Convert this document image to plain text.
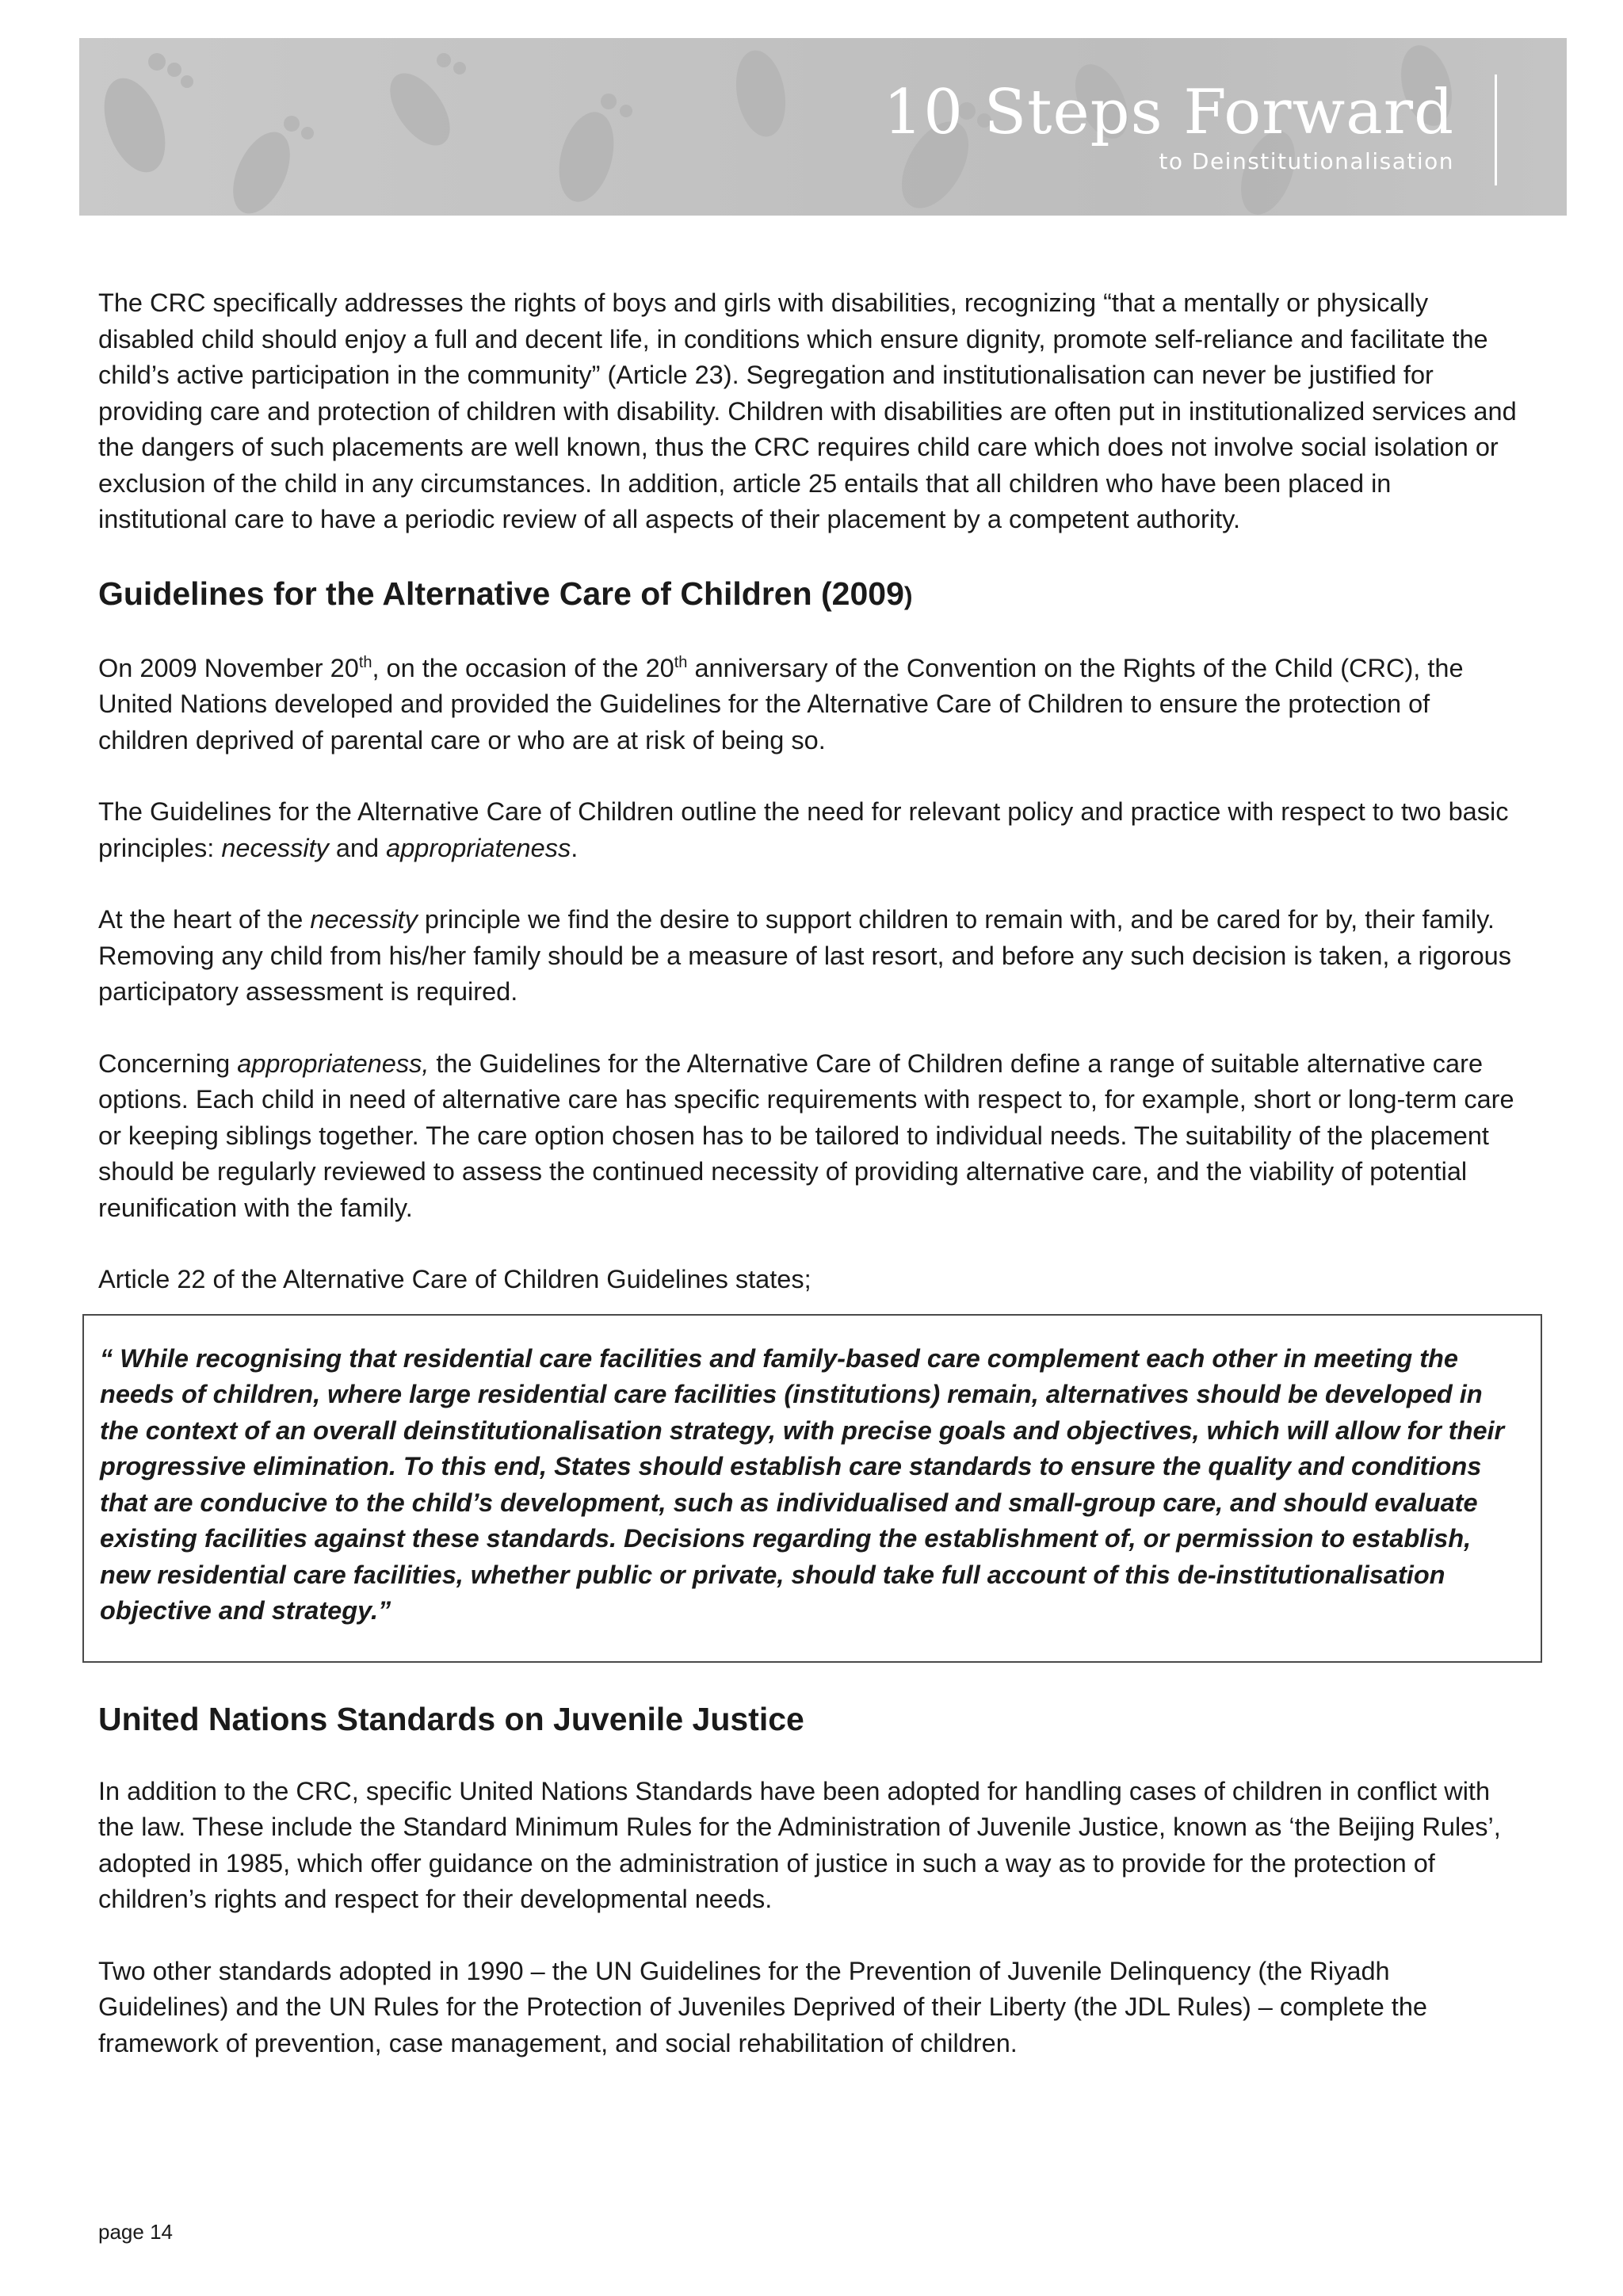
10 Steps Forward
to Deinstitutionalisation

The CRC specifically addresses the rights of boys and girls with disabilities, recognizing “that a mentally or physically disabled child should enjoy a full and decent life, in conditions which ensure dignity, promote self-reliance and facilitate the child’s active participation in the community” (Article 23). Segregation and institutionalisation can never be justified for providing care and protection of children with disability. Children with disabilities are often put in institutionalized services and the dangers of such placements are well known, thus the CRC requires child care which does not involve social isolation or exclusion of the child in any circumstances. In addition, article 25 entails that all children who have been placed in institutional care to have a periodic review of all aspects of their placement by a competent authority.

Guidelines for the Alternative Care of Children (2009)

On 2009 November 20th, on the occasion of the 20th anniversary of the Convention on the Rights of the Child (CRC), the United Nations developed and provided the Guidelines for the Alternative Care of Children to ensure the protection of children deprived of parental care or who are at risk of being so.

The Guidelines for the Alternative Care of Children outline the need for relevant policy and practice with respect to two basic principles: necessity and appropriateness.

At the heart of the necessity principle we find the desire to support children to remain with, and be cared for by, their family. Removing any child from his/her family should be a measure of last resort, and before any such decision is taken, a rigorous participatory assessment is required.

Concerning appropriateness, the Guidelines for the Alternative Care of Children define a range of suitable alternative care options. Each child in need of alternative care has specific requirements with respect to, for example, short or long-term care or keeping siblings together. The care option chosen has to be tailored to individual needs. The suitability of the placement should be regularly reviewed to assess the continued necessity of providing alternative care, and the viability of potential reunification with the family.

Article 22 of the Alternative Care of Children Guidelines states;

“ While recognising that residential care facilities and family-based care complement each other in meeting the needs of children, where large residential care facilities (institutions) remain, alternatives should be developed in the context of an overall deinstitutionalisation strategy, with precise goals and objectives, which will allow for their progressive elimination. To this end, States should establish care standards to ensure the quality and conditions that are conducive to the child’s development, such as individualised and small-group care, and should evaluate existing facilities against these standards. Decisions regarding the establishment of, or permission to establish, new residential care facilities, whether public or private, should take full account of this de-institutionalisation objective and strategy.”

United Nations Standards on Juvenile Justice

In addition to the CRC, specific United Nations Standards have been adopted for handling cases of children in conflict with the law. These include the Standard Minimum Rules for the Administration of Juvenile Justice, known as ‘the Beijing Rules’, adopted in 1985, which offer guidance on the administration of justice in such a way as to provide for the protection of children’s rights and respect for their developmental needs.

Two other standards adopted in 1990 – the UN Guidelines for the Prevention of Juvenile Delinquency (the Riyadh Guidelines) and the UN Rules for the Protection of Juveniles Deprived of their Liberty (the JDL Rules) – complete the framework of prevention, case management, and social rehabilitation of children.

page 14
